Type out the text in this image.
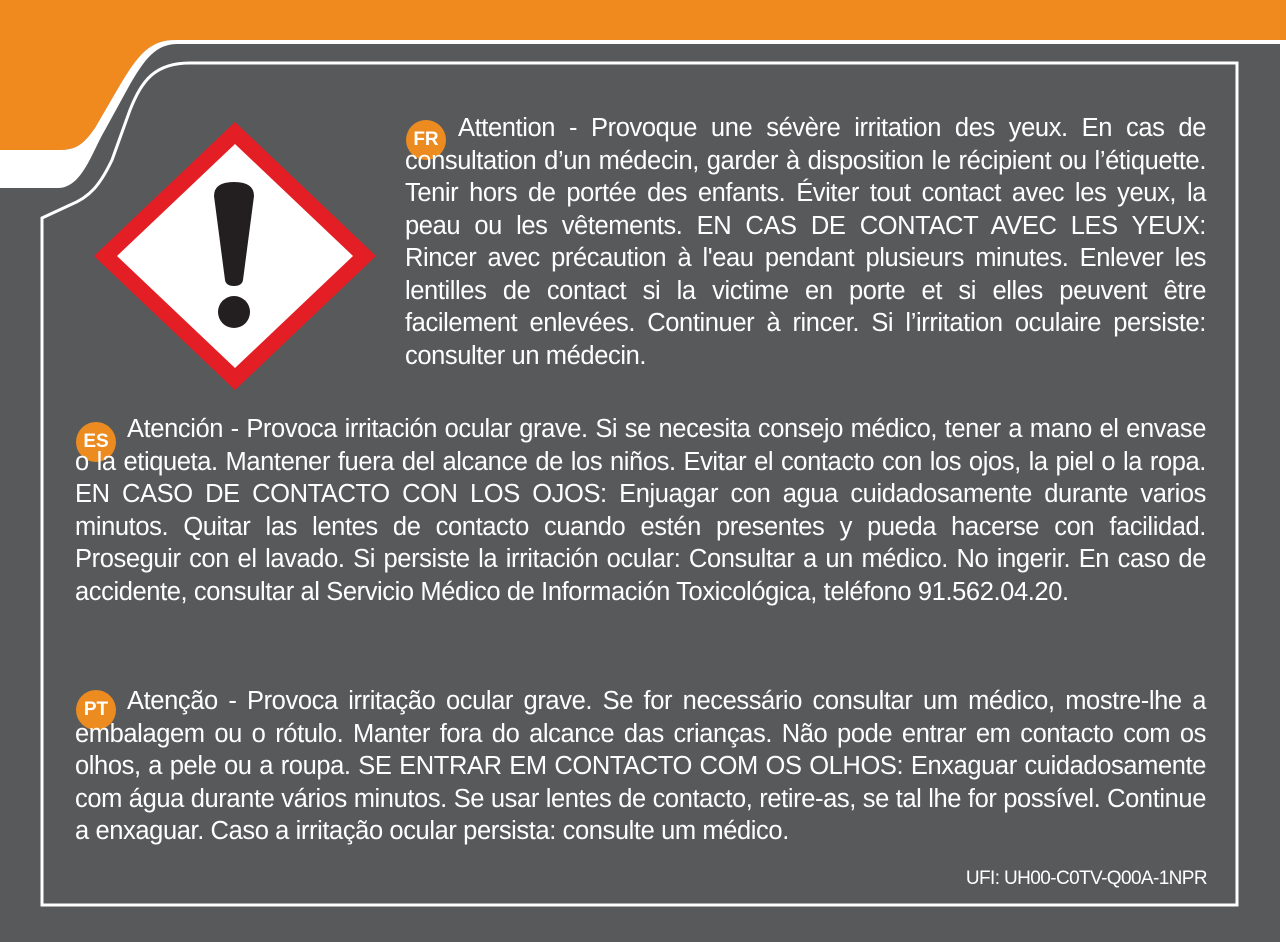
FR Attention - Provoque une sévère irritation des yeux. En cas de consultation d’un médecin, garder à disposition le récipient ou l’étiquette. Tenir hors de portée des enfants. Éviter tout contact avec les yeux, la peau ou les vêtements. EN CAS DE CONTACT AVEC LES YEUX: Rincer avec précaution à l'eau pendant plusieurs minutes. Enlever les lentilles de contact si la victime en porte et si elles peuvent être facilement enlevées. Continuer à rincer. Si l’irritation oculaire persiste: consulter un médecin.

ES Atención - Provoca irritación ocular grave. Si se necesita consejo médico, tener a mano el envase o la etiqueta. Mantener fuera del alcance de los niños. Evitar el contacto con los ojos, la piel o la ropa. EN CASO DE CONTACTO CON LOS OJOS: Enjuagar con agua cuidadosamente durante varios minutos. Quitar las lentes de contacto cuando estén presentes y pueda hacerse con facilidad. Proseguir con el lavado. Si persiste la irritación ocular: Consultar a un médico. No ingerir. En caso de accidente, consultar al Servicio Médico de Información Toxicológica, teléfono 91.562.04.20.

PT Atenção - Provoca irritação ocular grave. Se for necessário consultar um médico, mostre-lhe a embalagem ou o rótulo. Manter fora do alcance das crianças. Não pode entrar em contacto com os olhos, a pele ou a roupa. SE ENTRAR EM CONTACTO COM OS OLHOS: Enxaguar cuidadosamente com água durante vários minutos. Se usar lentes de contacto, retire-as, se tal lhe for possível. Continue a enxaguar. Caso a irritação ocular persista: consulte um médico.

UFI: UH00-C0TV-Q00A-1NPR
